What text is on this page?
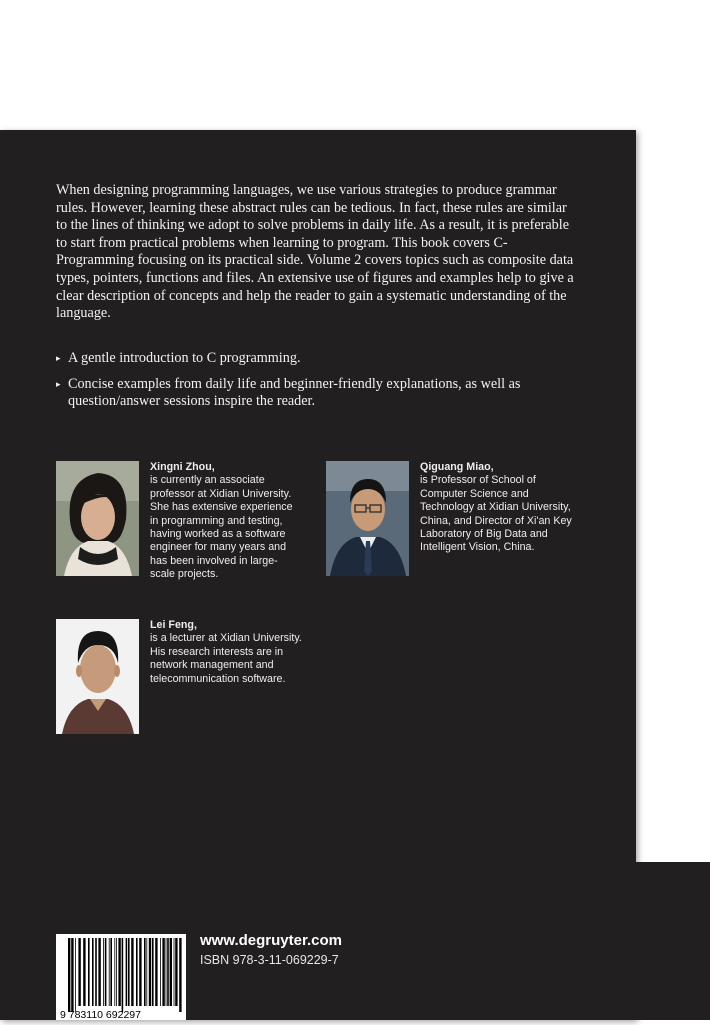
When designing programming languages, we use various strategies to produce grammar rules. However, learning these abstract rules can be tedious. In fact, these rules are similar to the lines of thinking we adopt to solve problems in daily life. As a result, it is preferable to start from practical problems when learning to program. This book covers C-Programming focusing on its practical side. Volume 2 covers topics such as composite data types, pointers, functions and files. An extensive use of figures and examples help to give a clear description of concepts and help the reader to gain a systematic understanding of the language.

▸ A gentle introduction to C programming.
▸ Concise examples from daily life and beginner-friendly explanations, as well as question/answer sessions inspire the reader.
Xingni Zhou,
is currently an associate professor at Xidian University. She has extensive experience in programming and testing, having worked as a software engineer for many years and has been involved in large-scale projects.
Qiguang Miao,
is Professor of School of Computer Science and Technology at Xidian University, China, and Director of Xi'an Key Laboratory of Big Data and Intelligent Vision, China.
Lei Feng,
is a lecturer at Xidian University. His research interests are in network management and telecommunication software.
9 783110 692297
www.degruyter.com
ISBN 978-3-11-069229-7
